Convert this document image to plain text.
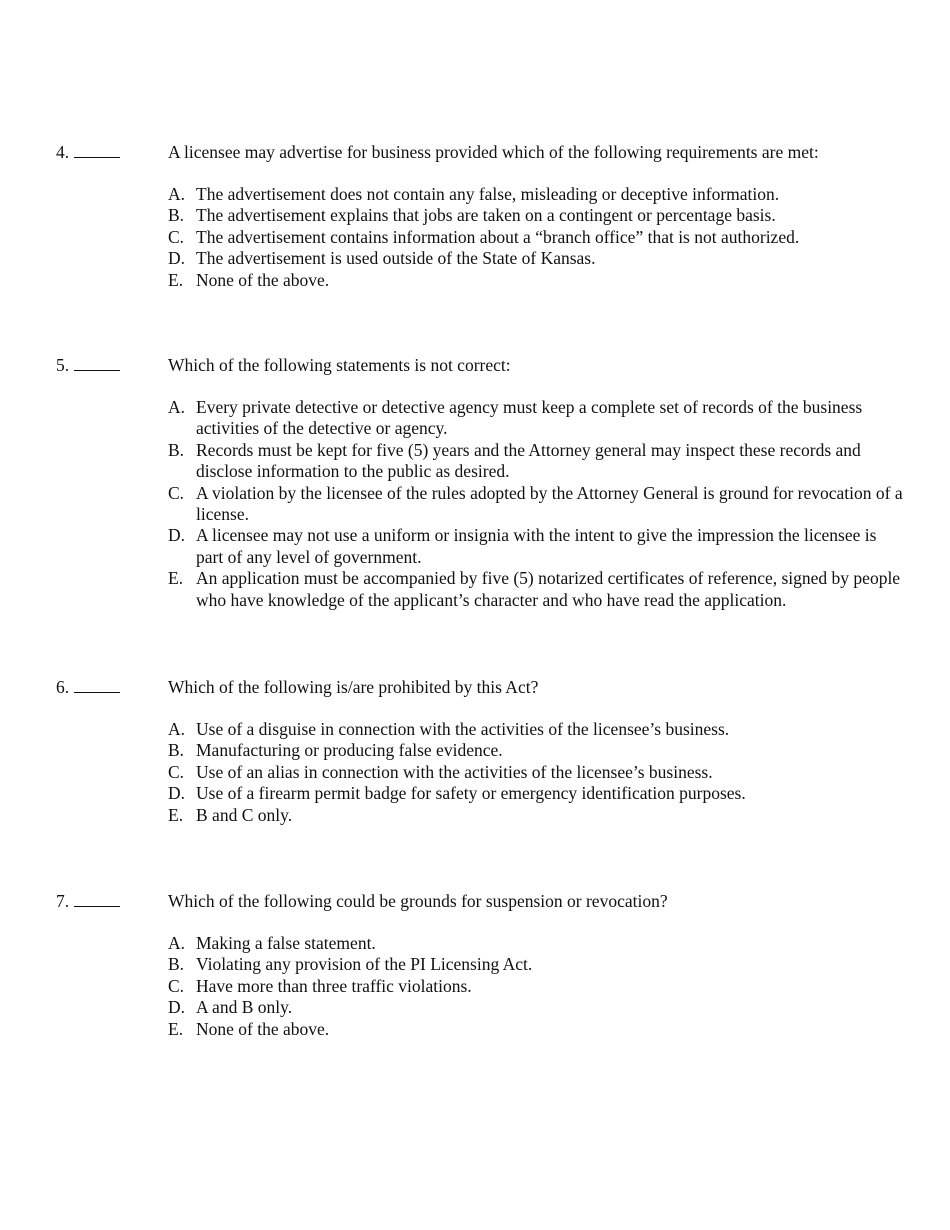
4.	A licensee may advertise for business provided which of the following requirements are met:
A. The advertisement does not contain any false, misleading or deceptive information.
B. The advertisement explains that jobs are taken on a contingent or percentage basis.
C. The advertisement contains information about a “branch office” that is not authorized.
D. The advertisement is used outside of the State of Kansas.
E. None of the above.
5.	Which of the following statements is not correct:
A. Every private detective or detective agency must keep a complete set of records of the business activities of the detective or agency.
B. Records must be kept for five (5) years and the Attorney general may inspect these records and disclose information to the public as desired.
C. A violation by the licensee of the rules adopted by the Attorney General is ground for revocation of a license.
D. A licensee may not use a uniform or insignia with the intent to give the impression the licensee is part of any level of government.
E. An application must be accompanied by five (5) notarized certificates of reference, signed by people who have knowledge of the applicant’s character and who have read the application.
6.	Which of the following is/are prohibited by this Act?
A. Use of a disguise in connection with the activities of the licensee’s business.
B. Manufacturing or producing false evidence.
C. Use of an alias in connection with the activities of the licensee’s business.
D. Use of a firearm permit badge for safety or emergency identification purposes.
E. B and C only.
7.	Which of the following could be grounds for suspension or revocation?
A. Making a false statement.
B. Violating any provision of the PI Licensing Act.
C. Have more than three traffic violations.
D. A and B only.
E. None of the above.
